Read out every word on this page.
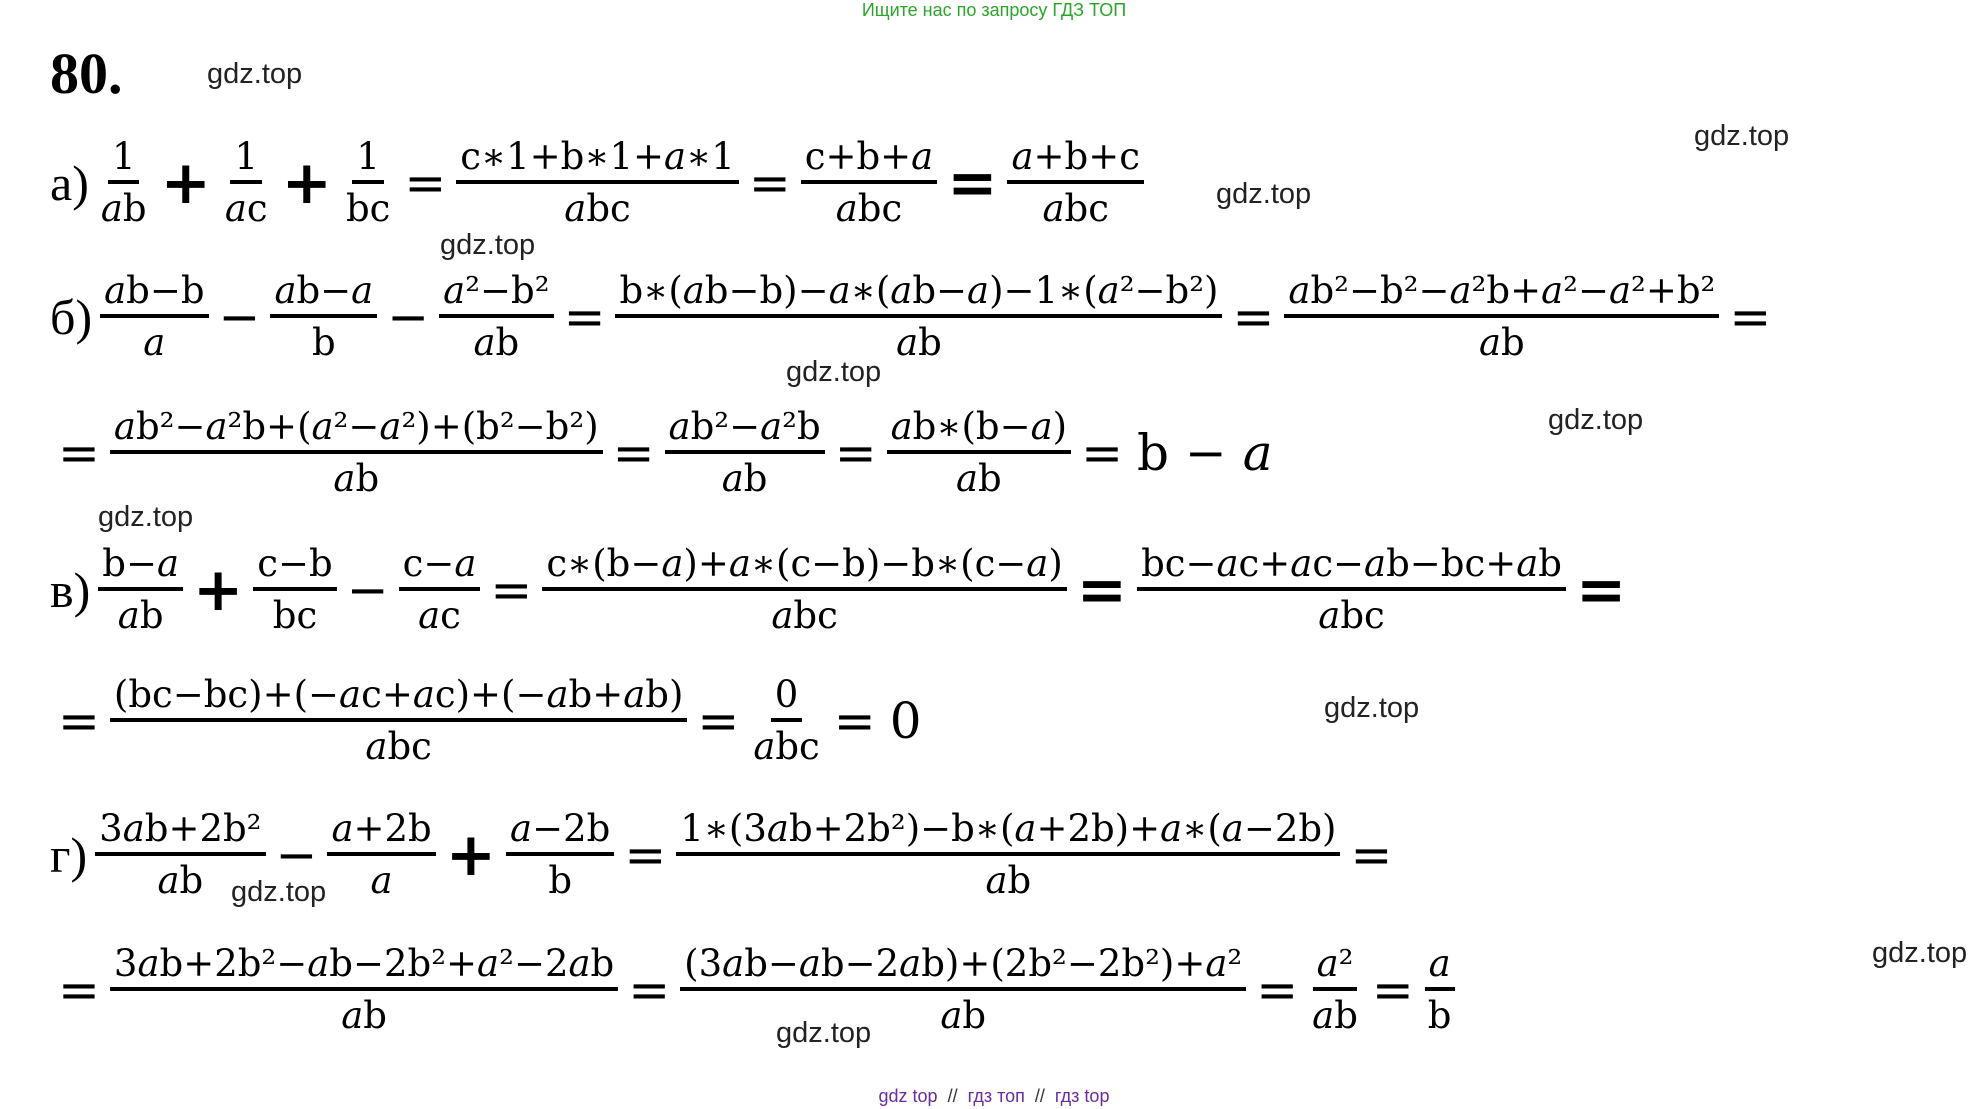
Ищите нас по запросу ГДЗ ТОП
80.	gdz.top
gdz.top
gdz.top
gdz.top
gdz.top
gdz.top
gdz.top
gdz.top
gdz.top
gdz.top
gdz.top
gdz top // гдз топ // гдз top
$а) \frac{1}{\text{𝑎b}} + \frac{1}{\text{𝑎c}} + \frac{1}{bc} = \frac{\text{c∗1+b∗1+𝑎∗1}}{\text{𝑎bc}} = \frac{\text{c+b+𝑎}}{\text{𝑎bc}} = \frac{\text{𝑎+b+c}}{\text{𝑎bc}}$
$б) \frac{\text{𝑎b−b}}{\text{𝑎}} - \frac{\text{𝑎b−𝑎}}{b} - \frac{\text{𝑎²−b²}}{\text{𝑎b}} = \frac{\text{b∗(𝑎b−b)−𝑎∗(𝑎b−𝑎)−1∗(𝑎²−b²)}}{\text{𝑎b}} = \frac{\text{𝑎b²−b²−𝑎²b+𝑎²−𝑎²+b²}}{\text{𝑎b}}$ =
= $\frac{\text{𝑎b²−𝑎²b+(𝑎²−𝑎²)+(b²−b²)}}{\text{𝑎b}} = \frac{\text{𝑎b²−𝑎²b}}{\text{𝑎b}} = \frac{\text{𝑎b∗(b−𝑎)}}{\text{𝑎b}} = b$ − 𝑎
$в) \frac{\text{b−𝑎}}{\text{𝑎b}} + \frac{c-b}{bc} - \frac{\text{c−𝑎}}{\text{𝑎c}} = \frac{\text{c∗(b−𝑎)+𝑎∗(c−b)−b∗(c−𝑎)}}{\text{𝑎bc}} = \frac{\text{bc−𝑎c+𝑎c−𝑎b−bc+𝑎b}}{\text{𝑎bc}}$ =
= $\frac{\text{(bc−bc)+(−𝑎c+𝑎c)+(−𝑎b+𝑎b)}}{\text{𝑎bc}} = \frac{0}{\text{𝑎bc}} = 0$
$г) \frac{\text{3𝑎b+2b²}}{\text{𝑎b}} - \frac{\text{𝑎+2b}}{\text{𝑎}} + \frac{\text{𝑎−2b}}{b} = \frac{\text{1∗(3𝑎b+2b²)−b∗(𝑎+2b)+𝑎∗(𝑎−2b)}}{\text{𝑎b}}$ =
= $\frac{\text{3𝑎b+2b²−𝑎b−2b²+𝑎²−2𝑎b}}{\text{𝑎b}} = \frac{\text{(3𝑎b−𝑎b−2𝑎b)+(2b²−2b²)+𝑎²}}{\text{𝑎b}} = \frac{\text{𝑎²}}{\text{𝑎b}} = \frac{\text{𝑎}}{b}$
